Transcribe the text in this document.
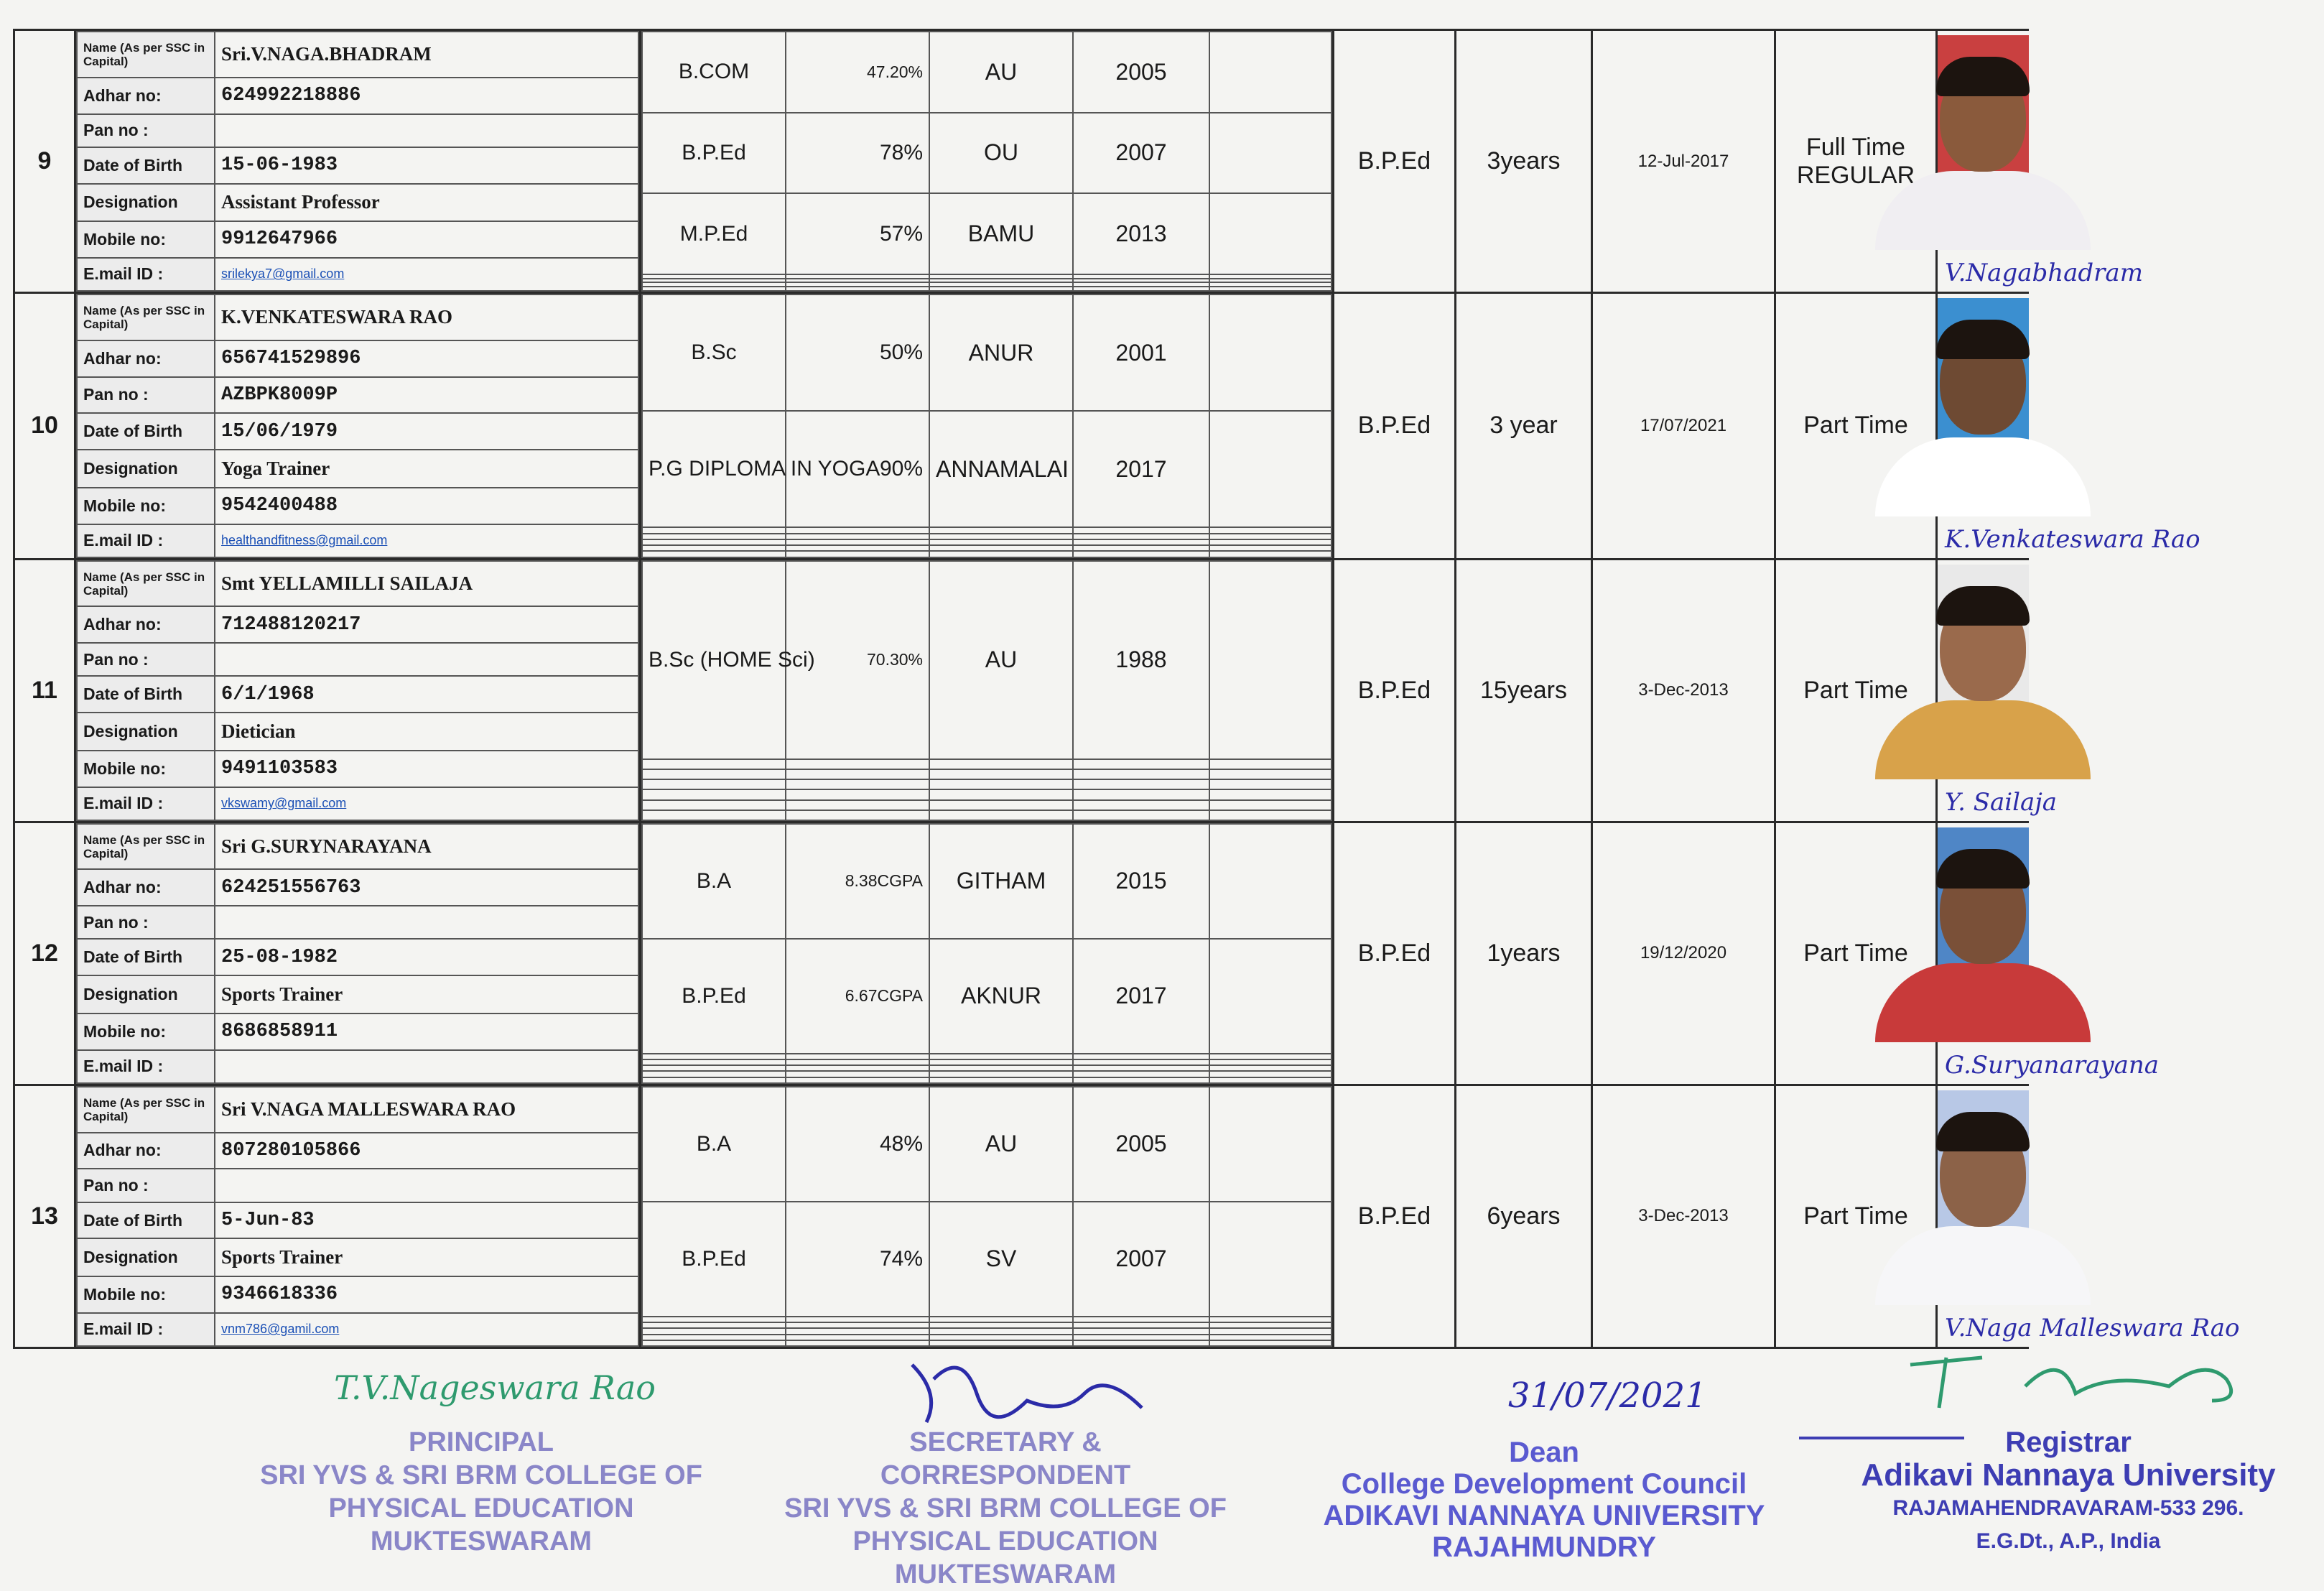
9	
Name (As per SSC in Capital)	Sri.V.NAGA.BHADRAM
Adhar no:	624992218886
Pan no :	
Date of Birth	15-06-1983
Designation	Assistant Professor
Mobile no:	9912647966
E.mail ID :	srilekya7@gmail.com

B.COM	47.20%	AU	2005	
B.P.Ed	78%	OU	2007	
M.P.Ed	57%	BAMU	2013	

	B.P.Ed	3years	12-Jul-2017	Full Time REGULAR	
V.Nagabhadram

10	
Name (As per SSC in Capital)	K.VENKATESWARA RAO
Adhar no:	656741529896
Pan no :	AZBPK8009P
Date of Birth	15/06/1979
Designation	Yoga Trainer
Mobile no:	9542400488
E.mail ID :	healthandfitness@gmail.com

B.Sc	50%	ANUR	2001	
P.G DIPLOMA IN YOGA	90%	ANNAMALAI	2017	

	B.P.Ed	3 year	17/07/2021	Part Time	
K.Venkateswara Rao

11	
Name (As per SSC in Capital)	Smt YELLAMILLI SAILAJA
Adhar no:	712488120217
Pan no :	
Date of Birth	6/1/1968
Designation	Dietician
Mobile no:	9491103583
E.mail ID :	vkswamy@gmail.com

B.Sc (HOME Sci)	70.30%	AU	1988	

	B.P.Ed	15years	3-Dec-2013	Part Time	
Y. Sailaja

12	
Name (As per SSC in Capital)	Sri G.SURYNARAYANA
Adhar no:	624251556763
Pan no :	
Date of Birth	25-08-1982
Designation	Sports Trainer
Mobile no:	8686858911
E.mail ID :	

B.A	8.38CGPA	GITHAM	2015	
B.P.Ed	6.67CGPA	AKNUR	2017	

	B.P.Ed	1years	19/12/2020	Part Time	
G.Suryanarayana

13	
Name (As per SSC in Capital)	Sri V.NAGA MALLESWARA RAO
Adhar no:	807280105866
Pan no :	
Date of Birth	5-Jun-83
Designation	Sports Trainer
Mobile no:	9346618336
E.mail ID :	vnm786@gamil.com

B.A	48%	AU	2005	
B.P.Ed	74%	SV	2007	

	B.P.Ed	6years	3-Dec-2013	Part Time	
V.Naga Malleswara Rao
T.V.Nageswara Rao
PRINCIPAL
SRI YVS & SRI BRM COLLEGE OF
PHYSICAL EDUCATION
MUKTESWARAM
SECRETARY & CORRESPONDENT
SRI YVS & SRI BRM COLLEGE OF
PHYSICAL EDUCATION
MUKTESWARAM
31/07/2021
Dean
College Development Council
ADIKAVI NANNAYA UNIVERSITY
RAJAHMUNDRY
Registrar
Adikavi Nannaya University
RAJAMAHENDRAVARAM-533 296.
E.G.Dt., A.P., India
